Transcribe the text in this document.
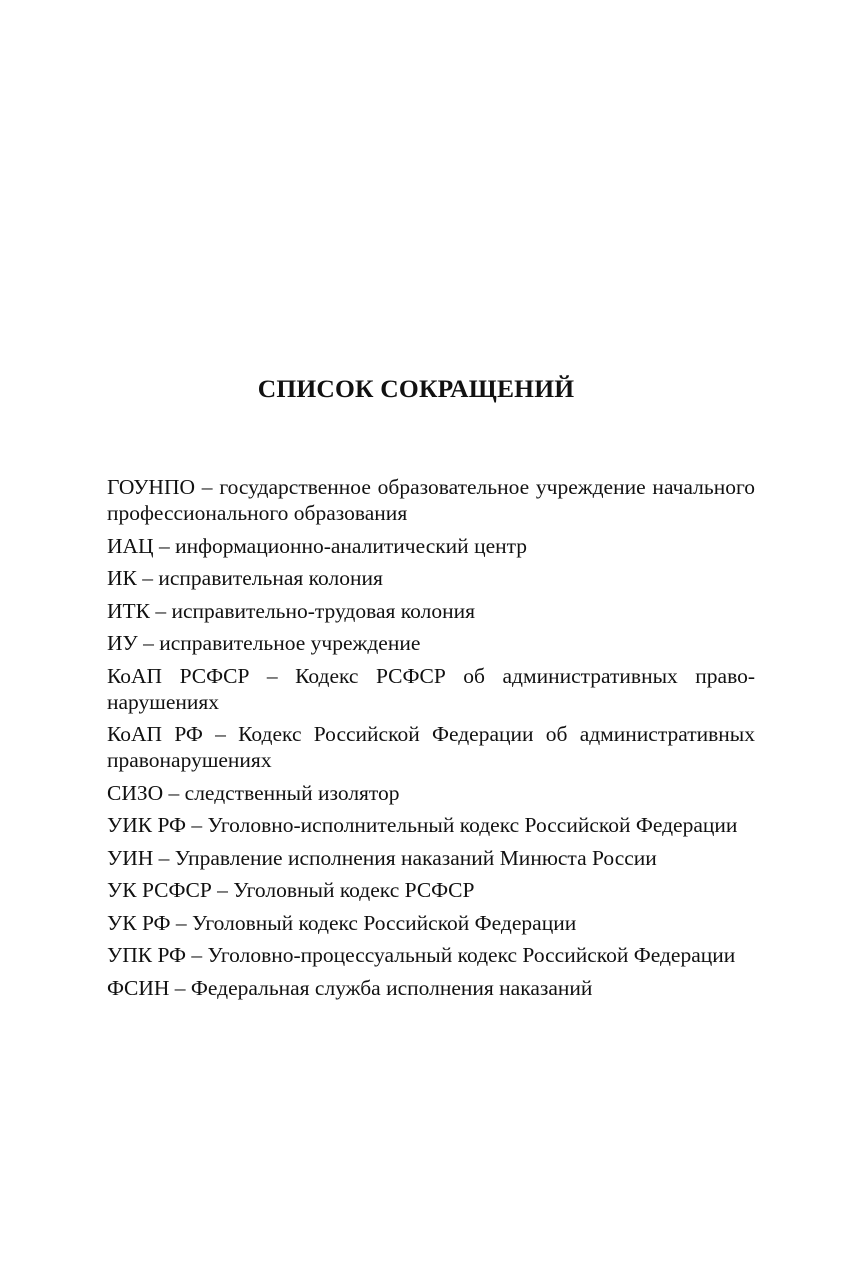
СПИСОК СОКРАЩЕНИЙ
ГОУНПО – государственное образовательное учреждение начального профессионального образования
ИАЦ – информационно-аналитический центр
ИК – исправительная колония
ИТК – исправительно-трудовая колония
ИУ – исправительное учреждение
КоАП РСФСР – Кодекс РСФСР об административных правонарушениях
КоАП РФ – Кодекс Российской Федерации об административных правонарушениях
СИЗО – следственный изолятор
УИК РФ – Уголовно-исполнительный кодекс Российской Федерации
УИН – Управление исполнения наказаний Минюста России
УК РСФСР – Уголовный кодекс РСФСР
УК РФ – Уголовный кодекс Российской Федерации
УПК РФ – Уголовно-процессуальный кодекс Российской Федерации
ФСИН – Федеральная служба исполнения наказаний
